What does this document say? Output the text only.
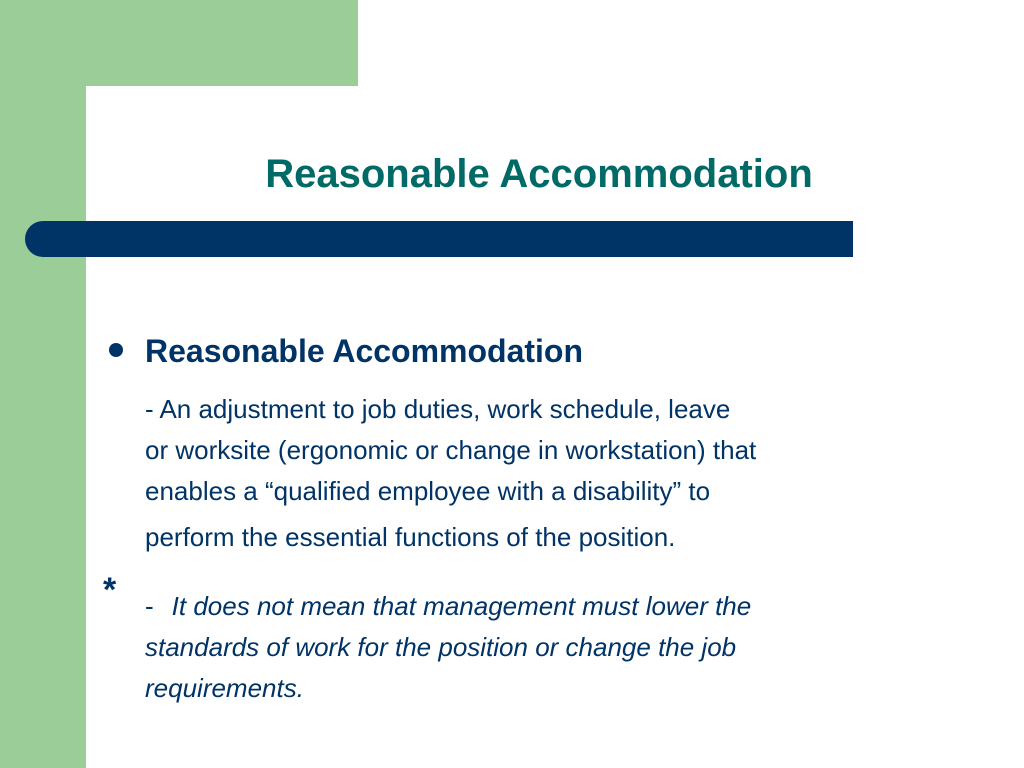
Reasonable Accommodation
Reasonable Accommodation

- An adjustment to job duties, work schedule, leave
or worksite (ergonomic or change in workstation) that
enables a “qualified employee with a disability” to
perform the essential functions of the position.

* - It does not mean that management must lower the
standards of work for the position or change the job
requirements.
